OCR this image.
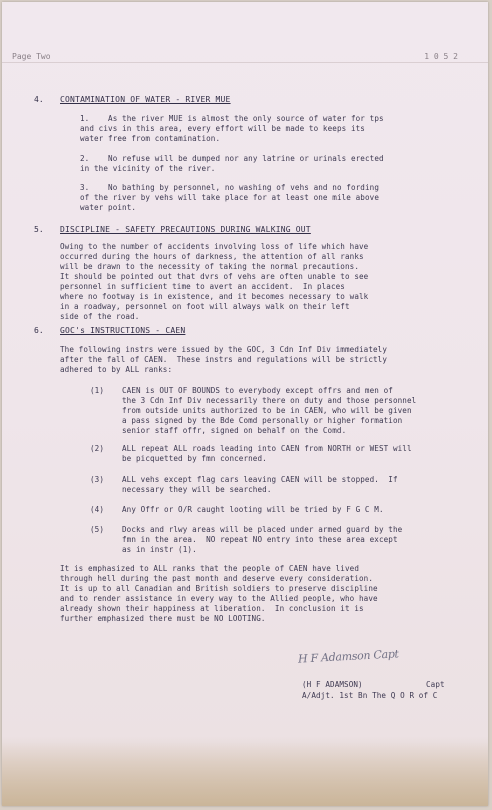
Page Two	1 0 5 2
4. CONTAMINATION OF WATER - RIVER MUE
1.    As the river MUE is almost the only source of water for tps
and civs in this area, every effort will be made to keeps its
water free from contamination.
2.    No refuse will be dumped nor any latrine or urinals erected
in the vicinity of the river.
3.    No bathing by personnel, no washing of vehs and no fording
of the river by vehs will take place for at least one mile above
water point.
5. DISCIPLINE - SAFETY PRECAUTIONS DURING WALKING OUT
Owing to the number of accidents involving loss of life which have
occurred during the hours of darkness, the attention of all ranks
will be drawn to the necessity of taking the normal precautions.
It should be pointed out that dvrs of vehs are often unable to see
personnel in sufficient time to avert an accident.  In places
where no footway is in existence, and it becomes necessary to walk
in a roadway, personnel on foot will always walk on their left
side of the road.
6. GOC's INSTRUCTIONS - CAEN
The following instrs were issued by the GOC, 3 Cdn Inf Div immediately
after the fall of CAEN.  These instrs and regulations will be strictly
adhered to by ALL ranks:
(1) CAEN is OUT OF BOUNDS to everybody except offrs and men of
the 3 Cdn Inf Div necessarily there on duty and those personnel
from outside units authorized to be in CAEN, who will be given
a pass signed by the Bde Comd personally or higher formation
senior staff offr, signed on behalf on the Comd.
(2) ALL repeat ALL roads leading into CAEN from NORTH or WEST will
be picquetted by fmn concerned.
(3) ALL vehs except flag cars leaving CAEN will be stopped.  If
necessary they will be searched.
(4) Any Offr or O/R caught looting will be tried by F G C M.
(5) Docks and rlwy areas will be placed under armed guard by the
fmn in the area.  NO repeat NO entry into these area except
as in instr (1).
It is emphasized to ALL ranks that the people of CAEN have lived
through hell during the past month and deserve every consideration.
It is up to all Canadian and British soldiers to preserve discipline
and to render assistance in every way to the Allied people, who have
already shown their happiness at liberation.  In conclusion it is
further emphasized there must be NO LOOTING.
H F Adamson Capt
(H F ADAMSON)	Capt
A/Adjt. 1st Bn The Q O R of C
